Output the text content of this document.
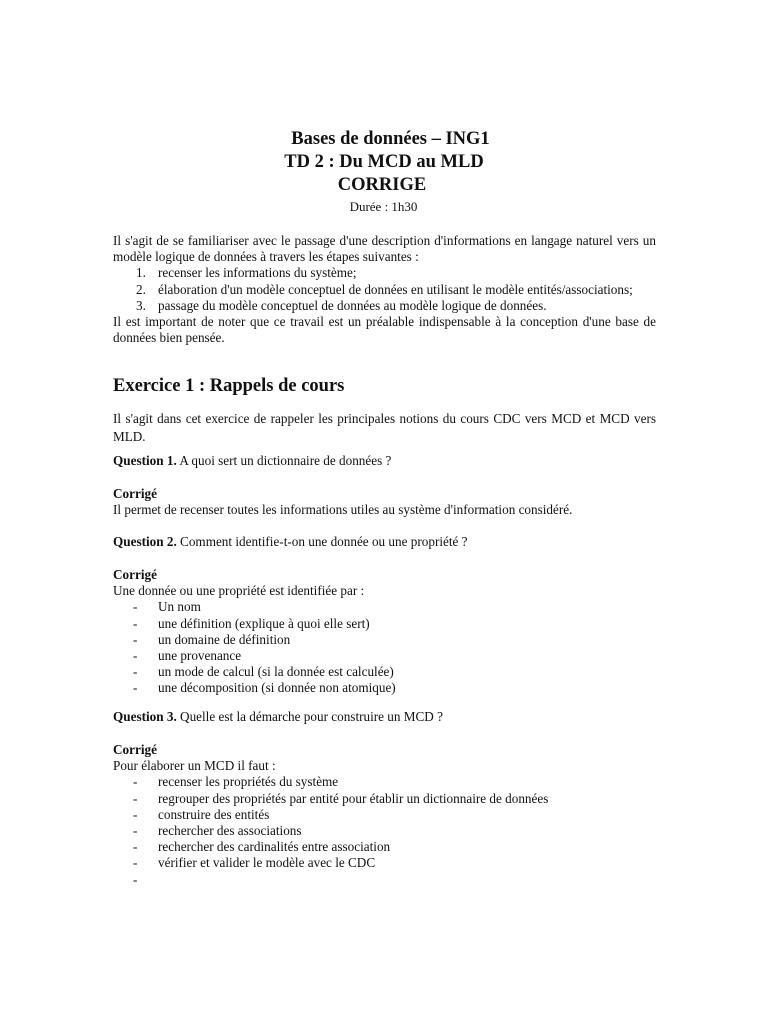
Bases de données – ING1
TD 2 : Du MCD au MLD
CORRIGE
Durée : 1h30
Il s'agit de se familiariser avec le passage d'une description d'informations en langage naturel vers un modèle logique de données à travers les étapes suivantes :
1. recenser les informations du système;
2. élaboration d'un modèle conceptuel de données en utilisant le modèle entités/associations;
3. passage du modèle conceptuel de données au modèle logique de données.
Il est important de noter que ce travail est un préalable indispensable à la conception d'une base de données bien pensée.
Exercice 1 : Rappels de cours
Il s'agit dans cet exercice de rappeler les principales notions du cours CDC vers MCD et MCD vers MLD.
Question 1. A quoi sert un dictionnaire de données ?
Corrigé
Il permet de recenser toutes les informations utiles au système d'information considéré.
Question 2. Comment identifie-t-on une donnée ou une propriété ?
Corrigé
Une donnée ou une propriété est identifiée par :
- Un nom
- une définition (explique à quoi elle sert)
- un domaine de définition
- une provenance
- un mode de calcul (si la donnée est calculée)
- une décomposition (si donnée non atomique)
Question 3. Quelle est la démarche pour construire un MCD ?
Corrigé
Pour élaborer un MCD il faut :
- recenser les propriétés du système
- regrouper des propriétés par entité pour établir un dictionnaire de données
- construire des entités
- rechercher des associations
- rechercher des cardinalités entre association
- vérifier et valider le modèle avec le CDC
-
